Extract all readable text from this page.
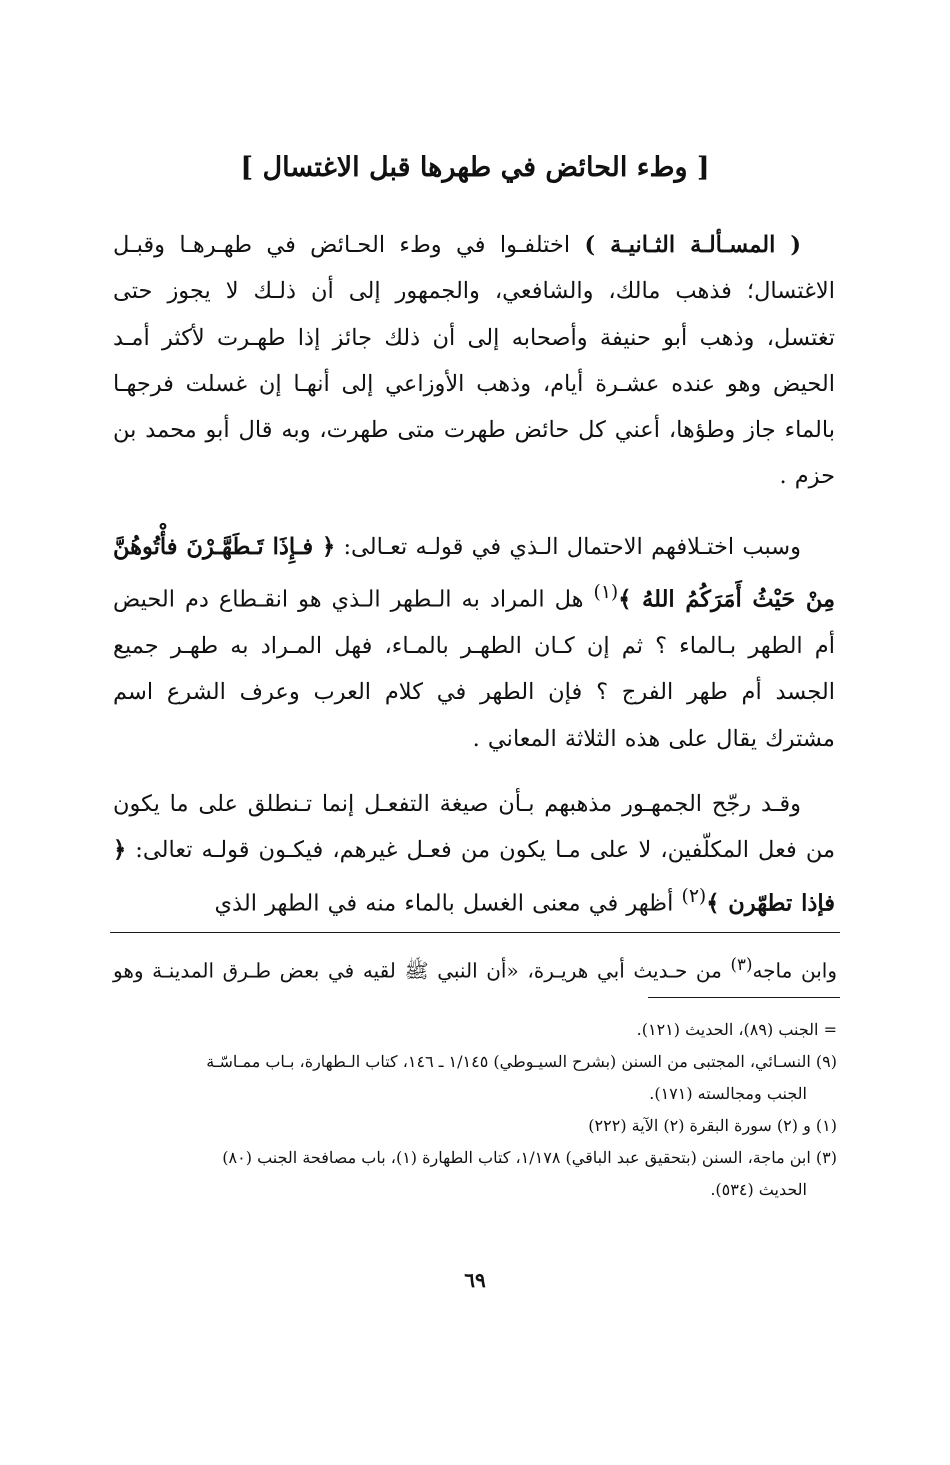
[ وطء الحائض في طهرها قبل الاغتسال ]

( المسـألـة الثـانيـة ) اختلفـوا في وطء الحـائض في طهـرهـا وقبـل الاغتسال؛ فذهب مالك، والشافعي، والجمهور إلى أن ذلـك لا يجوز حتى تغتسل، وذهب أبو حنيفة وأصحابه إلى أن ذلك جائز إذا طهـرت لأكثر أمـد الحيض وهو عنده عشـرة أيام، وذهب الأوزاعي إلى أنهـا إن غسلت فرجهـا بالماء جاز وطؤها، أعني كل حائض طهرت متى طهرت، وبه قال أبو محمد بن حزم .

وسبب اختـلافهم الاحتمال الـذي في قولـه تعـالى: ﴿ فـإِذَا تَـطَهَّـرْنَ فأْتُوهُنَّ مِنْ حَيْثُ أَمَرَكُمُ اللهُ ﴾$^{(١)}$ هل المراد به الـطهر الـذي هو انقـطاع دم الحيض أم الطهر بـالماء ؟ ثم إن كـان الطهـر بالمـاء، فهل المـراد به طهـر جميع الجسد أم طهر الفرج ؟ فإن الطهر في كلام العرب وعرف الشرع اسم مشترك يقال على هذه الثلاثة المعاني .

وقـد رجّح الجمهـور مذهبهم بـأن صيغة التفعـل إنما تـنطلق على ما يكون من فعل المكلّفين، لا على مـا يكون من فعـل غيرهم، فيكـون قولـه تعالى: ﴿ فإذا تطهّرن ﴾$^{(٢)}$ أظهر في معنى الغسل بالماء منه في الطهر الذي

وابن ماجه$^{(٣)}$ من حـديث أبي هريـرة، «أن النبي ﷺ لقيه في بعض طـرق المدينـة وهو

= الجنب (٨٩)، الحديث (١٢١).

(٩) النسـائي، المجتبى من السنن (بشرح السيـوطي) ١/١٤٥ ـ ١٤٦، كتاب الـطهارة، بـاب ممـاسّـة

الجنب ومجالسته (١٧١).

(١) و (٢) سورة البقرة (٢) الآية (٢٢٢)

(٣) ابن ماجة، السنن (بتحقيق عبد الباقي) ١/١٧٨، كتاب الطهارة (١)، باب مصافحة الجنب (٨٠)

الحديث (٥٣٤).

٦٩
